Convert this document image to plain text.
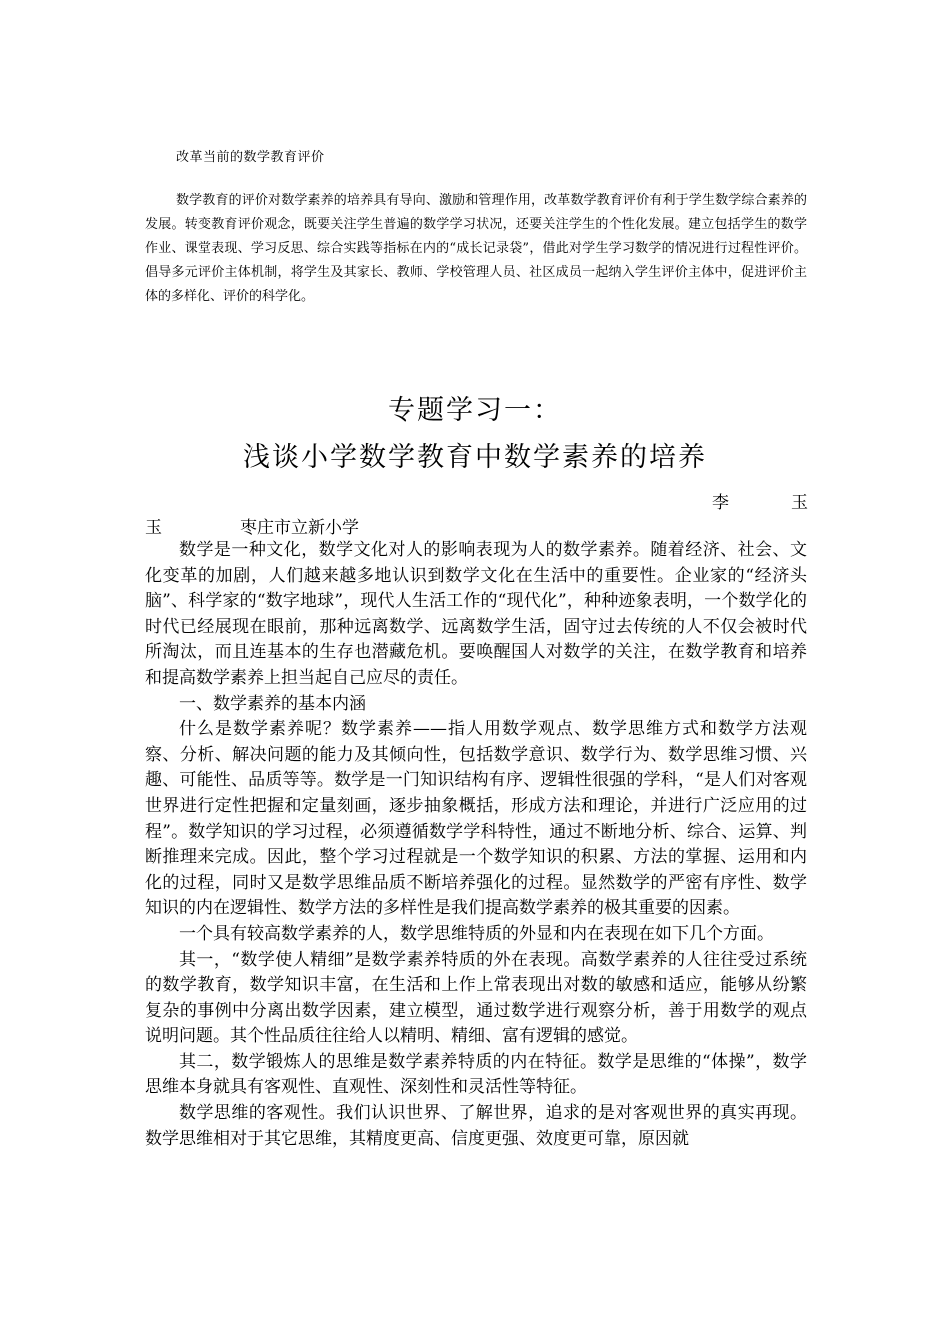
改革当前的数学教育评价

数学教育的评价对数学素养的培养具有导向、激励和管理作用，改革数学教育评价有利于学生数学综合素养的发展。转变教育评价观念，既要关注学生普遍的数学学习状况，还要关注学生的个性化发展。建立包括学生的数学作业、课堂表现、学习反思、综合实践等指标在内的“成长记录袋”，借此对学生学习数学的情况进行过程性评价。倡导多元评价主体机制，将学生及其家长、教师、学校管理人员、社区成员一起纳入学生评价主体中，促进评价主体的多样化、评价的科学化。

专题学习一：
浅谈小学数学教育中数学素养的培养
李	玉
玉	枣庄市立新小学

数学是一种文化，数学文化对人的影响表现为人的数学素养。随着经济、社会、文化变革的加剧，人们越来越多地认识到数学文化在生活中的重要性。企业家的“经济头脑”、科学家的“数字地球”，现代人生活工作的“现代化”，种种迹象表明，一个数学化的时代已经展现在眼前，那种远离数学、远离数学生活，固守过去传统的人不仅会被时代所淘汰，而且连基本的生存也潜藏危机。要唤醒国人对数学的关注，在数学教育和培养和提高数学素养上担当起自己应尽的责任。

一、数学素养的基本内涵

什么是数学素养呢？数学素养——指人用数学观点、数学思维方式和数学方法观察、分析、解决问题的能力及其倾向性，包括数学意识、数学行为、数学思维习惯、兴趣、可能性、品质等等。数学是一门知识结构有序、逻辑性很强的学科，“是人们对客观世界进行定性把握和定量刻画，逐步抽象概括，形成方法和理论，并进行广泛应用的过程”。数学知识的学习过程，必须遵循数学学科特性，通过不断地分析、综合、运算、判断推理来完成。因此，整个学习过程就是一个数学知识的积累、方法的掌握、运用和内化的过程，同时又是数学思维品质不断培养强化的过程。显然数学的严密有序性、数学知识的内在逻辑性、数学方法的多样性是我们提高数学素养的极其重要的因素。

一个具有较高数学素养的人，数学思维特质的外显和内在表现在如下几个方面。

其一，“数学使人精细”是数学素养特质的外在表现。高数学素养的人往往受过系统的数学教育，数学知识丰富，在生活和上作上常表现出对数的敏感和适应，能够从纷繁复杂的事例中分离出数学因素，建立模型，通过数学进行观察分析，善于用数学的观点说明问题。其个性品质往往给人以精明、精细、富有逻辑的感觉。

其二，数学锻炼人的思维是数学素养特质的内在特征。数学是思维的“体操”，数学思维本身就具有客观性、直观性、深刻性和灵活性等特征。

数学思维的客观性。我们认识世界、了解世界，追求的是对客观世界的真实再现。数学思维相对于其它思维，其精度更高、信度更强、效度更可靠，原因就
